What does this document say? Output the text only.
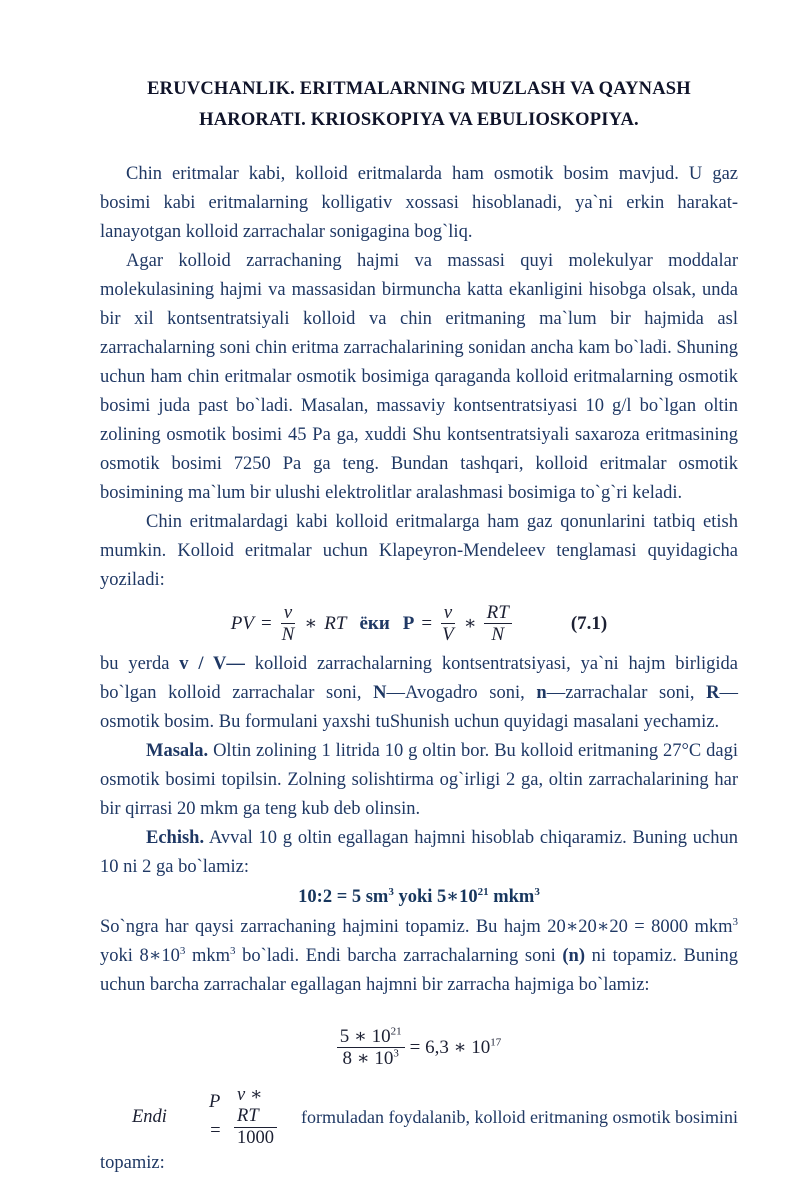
ERUVCHANLIK. ERITMALARNING MUZLASH VA QAYNASH
HARORATI. KRIOSKOPIYA VA EBULIOSKOPIYA.

Chin eritmalar kabi, kolloid eritmalarda ham osmotik bosim mavjud. U gaz bosimi kabi eritmalarning kolligativ xossasi hisoblanadi, ya`ni erkin harakat-lanayotgan kolloid zarrachalar sonigagina bog`liq.

Agar kolloid zarrachaning hajmi va massasi quyi molekulyar moddalar molekulasining hajmi va massasidan birmuncha katta ekanligini hisobga olsak, unda bir xil kontsentratsiyali kolloid va chin eritmaning ma`lum bir hajmida asl zarrachalarning soni chin eritma zarrachalarining sonidan ancha kam bo`ladi. Shuning uchun ham chin eritmalar osmotik bosimiga qaraganda kolloid eritmalarning osmotik bosimi juda past bo`ladi. Masalan, massaviy kontsentratsiyasi 10 g/l bo`lgan oltin zolining osmotik bosimi 45 Pa ga, xuddi Shu kontsentratsiyali saxaroza eritmasining osmotik bosimi 7250 Pa ga teng. Bundan tashqari, kolloid eritmalar osmotik bosimining ma`lum bir ulushi elektrolitlar aralashmasi bosimiga to`g`ri keladi.

Chin eritmalardagi kabi kolloid eritmalarga ham gaz qonunlarini tatbiq etish mumkin. Kolloid eritmalar uchun Klapeyron-Mendeleev tenglamasi quyidagicha yoziladi:

PV = $\frac{v}{N}$ ∗ RT ёки $P = \frac{v}{V}$ ∗ $\frac{RT}{N}$	(7.1)

bu yerda v / V— kolloid zarrachalarning kontsentratsiyasi, ya`ni hajm birligida bo`lgan kolloid zarrachalar soni, N—Avogadro soni, n—zarrachalar soni, R— osmotik bosim. Bu formulani yaxshi tuShunish uchun quyidagi masalani yechamiz.

Masala. Oltin zolining 1 litrida 10 g oltin bor. Bu kolloid eritmaning 27°C dagi osmotik bosimi topilsin. Zolning solishtirma og`irligi 2 ga, oltin zarrachalarining har bir qirrasi 20 mkm ga teng kub deb olinsin.

Echish. Avval 10 g oltin egallagan hajmni hisoblab chiqaramiz. Buning uchun 10 ni 2 ga bo`lamiz:

10:2 = 5 $sm^3$ yoki $5∗10^{21}$ mkm$^3$

So`ngra har qaysi zarrachaning hajmini topamiz. Bu hajm 20∗20∗20 = 8000 mkm$^3$ yoki $8∗10^3$ mkm$^3$ bo`ladi. Endi barcha zarrachalarning soni (n) ni topamiz. Buning uchun barcha zarrachalar egallagan hajmni bir zarracha hajmiga bo`lamiz:

$\frac{5 ∗ 10^{21}}{8 ∗ 10^3} = 6,3$ ∗ $10^{17}$
Endi
$P = \frac{v ∗ RT}{1000}$ formuladan foydalanib, kolloid eritmaning osmotik bosimini

topamiz:
